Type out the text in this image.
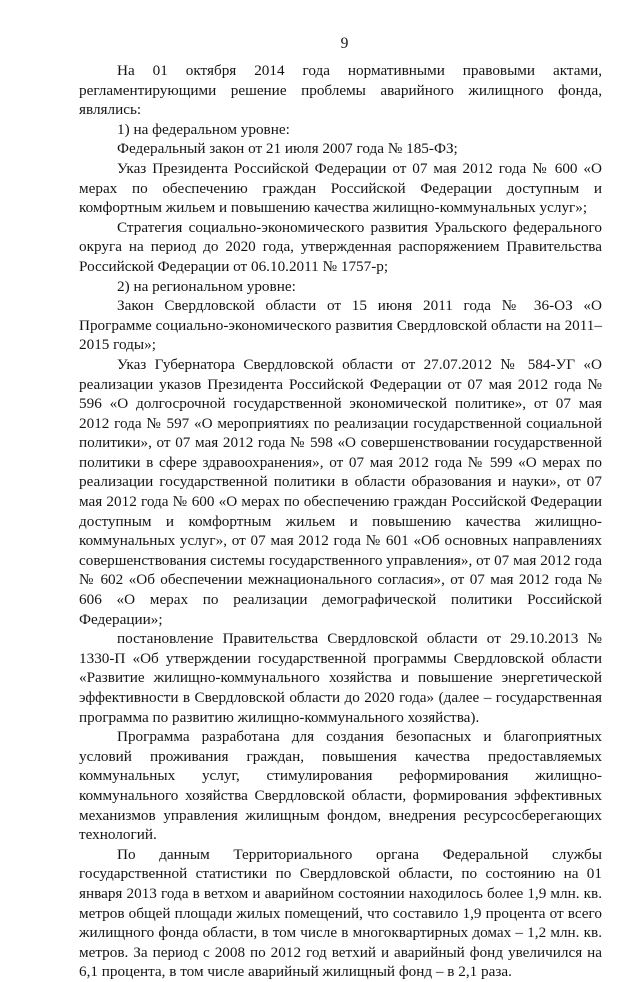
9

На 01 октября 2014 года нормативными правовыми актами, регламентирующими решение проблемы аварийного жилищного фонда, являлись:

1) на федеральном уровне:

Федеральный закон от 21 июля 2007 года № 185-ФЗ;

Указ Президента Российской Федерации от 07 мая 2012 года № 600 «О мерах по обеспечению граждан Российской Федерации доступным и комфортным жильем и повышению качества жилищно-коммунальных услуг»;

Стратегия социально-экономического развития Уральского федерального округа на период до 2020 года, утвержденная распоряжением Правительства Российской Федерации от 06.10.2011 № 1757-р;

2) на региональном уровне:

Закон Свердловской области от 15 июня 2011 года № 36-ОЗ «О Программе социально-экономического развития Свердловской области на 2011–2015 годы»;

Указ Губернатора Свердловской области от 27.07.2012 № 584-УГ «О реализации указов Президента Российской Федерации от 07 мая 2012 года № 596 «О долгосрочной государственной экономической политике», от 07 мая 2012 года № 597 «О мероприятиях по реализации государственной социальной политики», от 07 мая 2012 года № 598 «О совершенствовании государственной политики в сфере здравоохранения», от 07 мая 2012 года № 599 «О мерах по реализации государственной политики в области образования и науки», от 07 мая 2012 года № 600 «О мерах по обеспечению граждан Российской Федерации доступным и комфортным жильем и повышению качества жилищно-коммунальных услуг», от 07 мая 2012 года № 601 «Об основных направлениях совершенствования системы государственного управления», от 07 мая 2012 года № 602 «Об обеспечении межнационального согласия», от 07 мая 2012 года № 606 «О мерах по реализации демографической политики Российской Федерации»;

постановление Правительства Свердловской области от 29.10.2013 № 1330-П «Об утверждении государственной программы Свердловской области «Развитие жилищно-коммунального хозяйства и повышение энергетической эффективности в Свердловской области до 2020 года» (далее – государственная программа по развитию жилищно-коммунального хозяйства).

Программа разработана для создания безопасных и благоприятных условий проживания граждан, повышения качества предоставляемых коммунальных услуг, стимулирования реформирования жилищно-коммунального хозяйства Свердловской области, формирования эффективных механизмов управления жилищным фондом, внедрения ресурсосберегающих технологий.

По данным Территориального органа Федеральной службы государственной статистики по Свердловской области, по состоянию на 01 января 2013 года в ветхом и аварийном состоянии находилось более 1,9 млн. кв. метров общей площади жилых помещений, что составило 1,9 процента от всего жилищного фонда области, в том числе в многоквартирных домах – 1,2 млн. кв. метров. За период с 2008 по 2012 год ветхий и аварийный фонд увеличился на 6,1 процента, в том числе аварийный жилищный фонд – в 2,1 раза.
